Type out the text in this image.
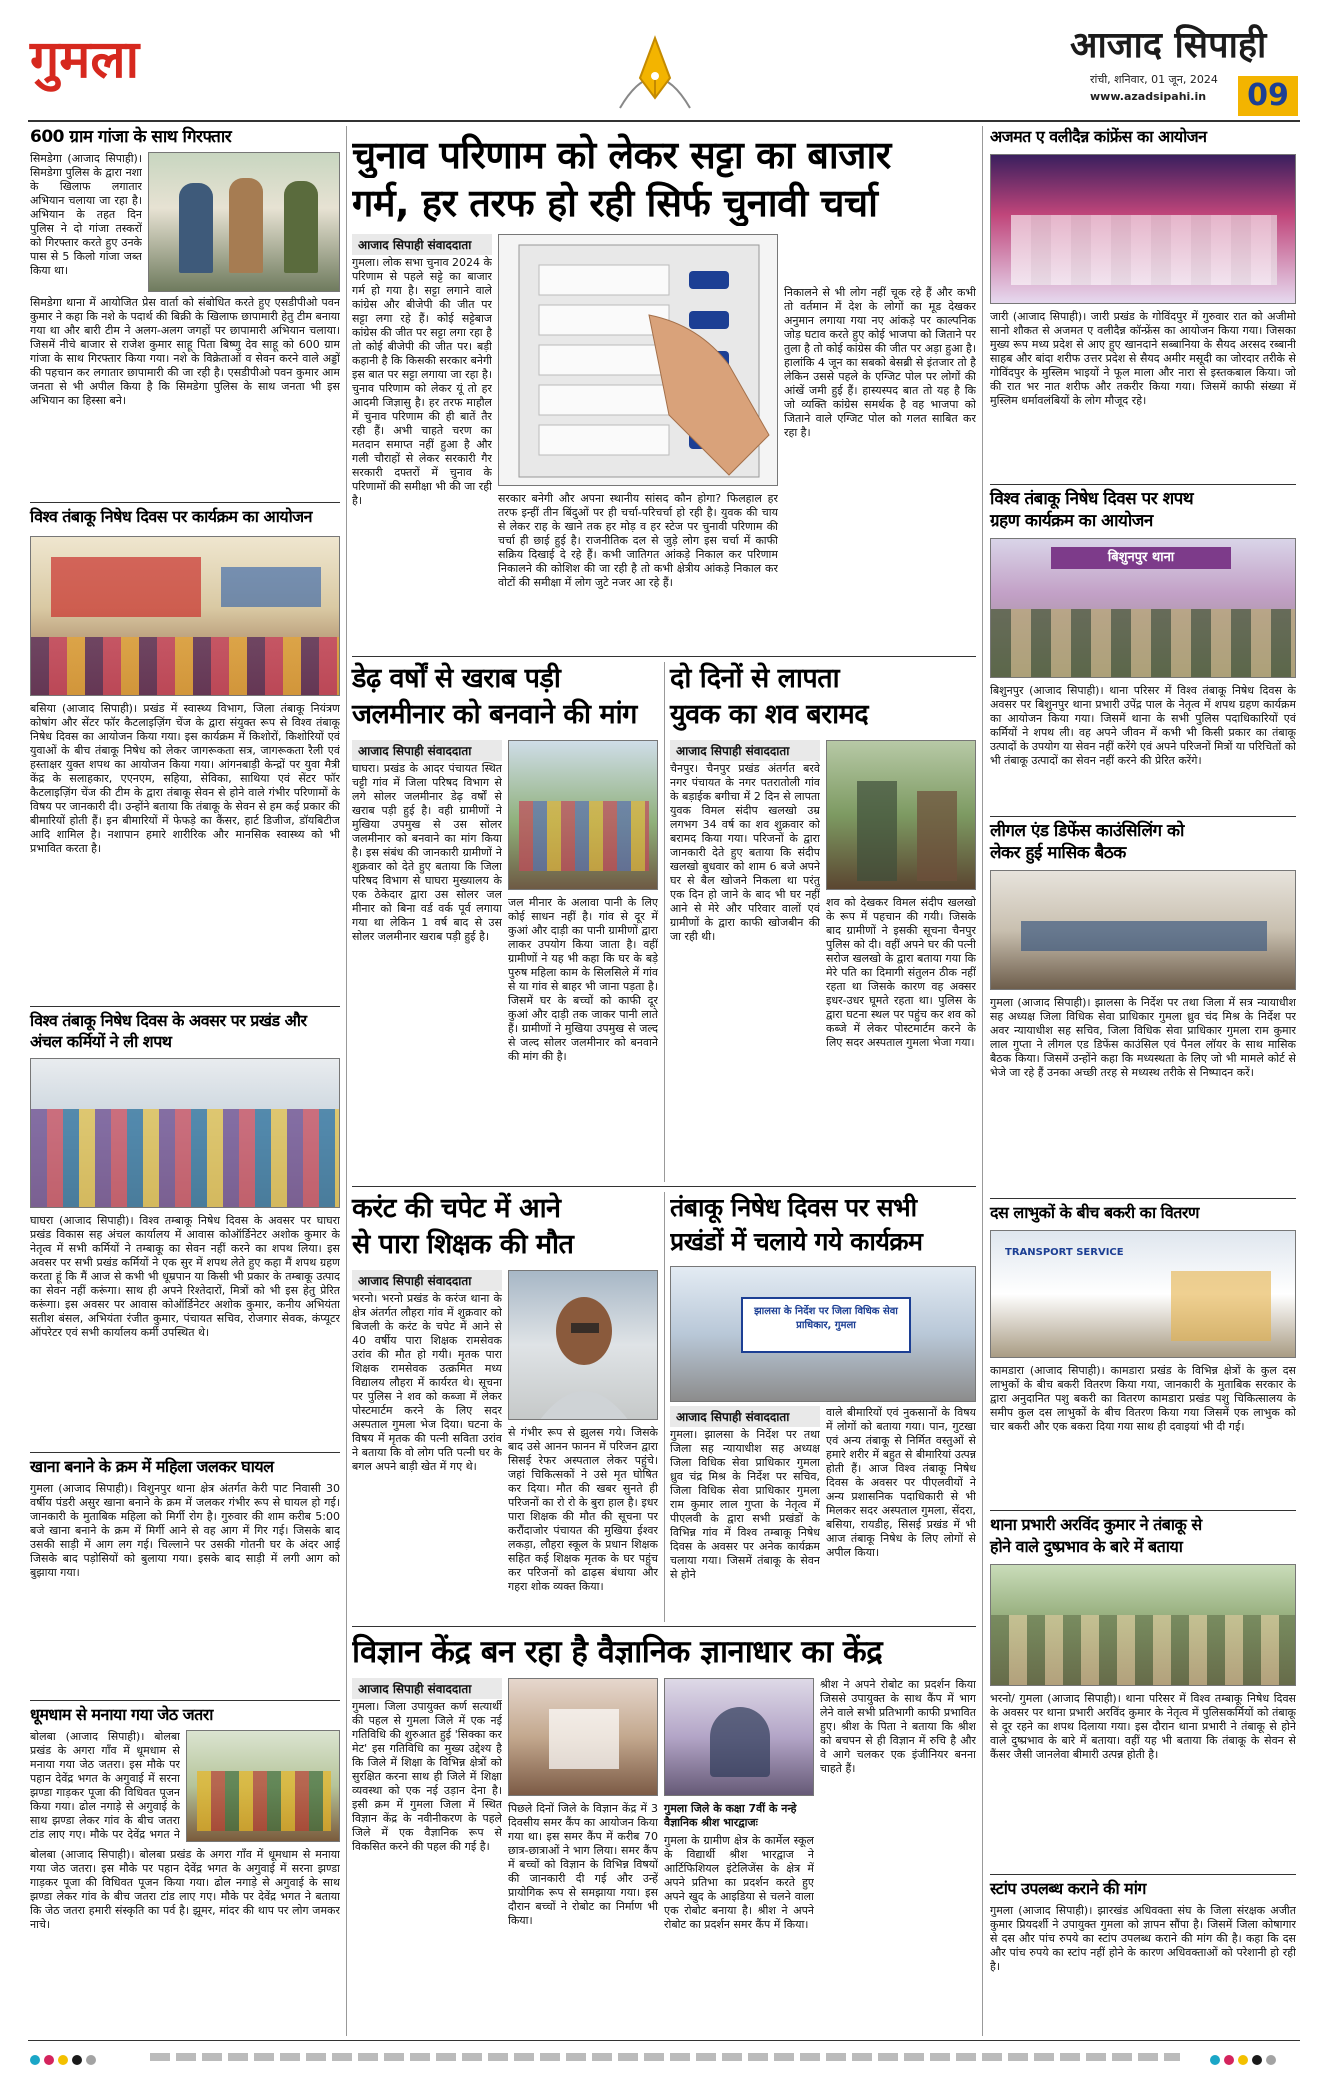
गुमला	आजाद सिपाही
रांची, शनिवार, 01 जून, 2024
www.azadsipahi.in	09
600 ग्राम गांजा के साथ गिरफ्तार
सिमडेगा (आजाद सिपाही)। सिमडेगा पुलिस के द्वारा नशा के खिलाफ लगातार अभियान चलाया जा रहा है। अभियान के तहत दिन पुलिस ने दो गांजा तस्करों को गिरफ्तार करते हुए उनके पास से 5 किलो गांजा जब्त किया था।
सिमडेगा थाना में आयोजित प्रेस वार्ता को संबोधित करते हुए एसडीपीओ पवन कुमार ने कहा कि नशे के पदार्थ की बिक्री के खिलाफ छापामारी हेतु टीम बनाया गया था और बारी टीम ने अलग-अलग जगहों पर छापामारी अभियान चलाया। जिसमें नीचे बाजार से राजेश कुमार साहू पिता बिष्णु देव साहू को 600 ग्राम गांजा के साथ गिरफ्तार किया गया। नशे के विक्रेताओं व सेवन करने वाले अड्डों की पहचान कर लगातार छापामारी की जा रही है। एसडीपीओ पवन कुमार आम जनता से भी अपील किया है कि सिमडेगा पुलिस के साथ जनता भी इस अभियान का हिस्सा बने।
विश्व तंबाकू निषेध दिवस पर कार्यक्रम का आयोजन
बसिया (आजाद सिपाही)। प्रखंड में स्वास्थ्य विभाग, जिला तंबाकू नियंत्रण कोषांग और सेंटर फॉर कैटलाइज़िंग चेंज के द्वारा संयुक्त रूप से विश्व तंबाकू निषेध दिवस का आयोजन किया गया। इस कार्यक्रम में किशोरों, किशोरियों एवं युवाओं के बीच तंबाकू निषेध को लेकर जागरूकता सत्र, जागरूकता रैली एवं हस्ताक्षर युक्त शपथ का आयोजन किया गया। आंगनबाड़ी केन्द्रों पर युवा मैत्री केंद्र के सलाहकार, एएनएम, सहिया, सेविका, साथिया एवं सेंटर फॉर कैटलाइज़िंग चेंज की टीम के द्वारा तंबाकू सेवन से होने वाले गंभीर परिणामों के विषय पर जानकारी दी। उन्होंने बताया कि तंबाकू के सेवन से हम कई प्रकार की बीमारियों होती हैं। इन बीमारियों में फेफड़े का कैंसर, हार्ट डिजीज, डॉयबिटीज आदि शामिल है। नशापान हमारे शारीरिक और मानसिक स्वास्थ्य को भी प्रभावित करता है।
विश्व तंबाकू निषेध दिवस के अवसर पर प्रखंड और अंचल कर्मियों ने ली शपथ
घाघरा (आजाद सिपाही)। विश्व तम्बाकू निषेध दिवस के अवसर पर घाघरा प्रखंड विकास सह अंचल कार्यालय में आवास कोऑर्डिनेटर अशोक कुमार के नेतृत्व में सभी कर्मियों ने तम्बाकू का सेवन नहीं करने का शपथ लिया। इस अवसर पर सभी प्रखंड कर्मियों ने एक सुर में शपथ लेते हुए कहा मैं शपथ ग्रहण करता हूं कि मैं आज से कभी भी धूम्रपान या किसी भी प्रकार के तम्बाकू उत्पाद का सेवन नहीं करूंगा। साथ ही अपने रिश्तेदारों, मित्रों को भी इस हेतु प्रेरित करूंगा। इस अवसर पर आवास कोऑर्डिनेटर अशोक कुमार, कनीय अभियंता सतीश बंसल, अभियंता रंजीत कुमार, पंचायत सचिव, रोजगार सेवक, कंप्यूटर ऑपरेटर एवं सभी कार्यालय कर्मी उपस्थित थे।
खाना बनाने के क्रम में महिला जलकर घायल
गुमला (आजाद सिपाही)। विशुनपुर थाना क्षेत्र अंतर्गत केरी पाट निवासी 30 वर्षीय पंडरी असुर खाना बनाने के क्रम में जलकर गंभीर रूप से घायल हो गई। जानकारी के मुताबिक महिला को मिर्गी रोग है। गुरुवार की शाम करीब 5:00 बजे खाना बनाने के क्रम में मिर्गी आने से वह आग में गिर गई। जिसके बाद उसकी साड़ी में आग लग गई। चिल्लाने पर उसकी गोतनी घर के अंदर आई जिसके बाद पड़ोसियों को बुलाया गया। इसके बाद साड़ी में लगी आग को बुझाया गया।
धूमधाम से मनाया गया जेठ जतरा
बोलबा (आजाद सिपाही)। बोलबा प्रखंड के अगरा गाँव में धूमधाम से मनाया गया जेठ जतरा। इस मौके पर पहान देवेंद्र भगत के अगुवाई में सरना झण्डा गाड़कर पूजा की विधिवत पूजन किया गया। ढोल नगाड़े से अगुवाई के साथ झण्डा लेकर गांव के बीच जतरा टांड लाए गए। मौके पर देवेंद्र भगत ने
बोलबा (आजाद सिपाही)। बोलबा प्रखंड के अगरा गाँव में धूमधाम से मनाया गया जेठ जतरा। इस मौके पर पहान देवेंद्र भगत के अगुवाई में सरना झण्डा गाड़कर पूजा की विधिवत पूजन किया गया। ढोल नगाड़े से अगुवाई के साथ झण्डा लेकर गांव के बीच जतरा टांड लाए गए। मौके पर देवेंद्र भगत ने बताया कि जेठ जतरा हमारी संस्कृति का पर्व है। झूमर, मांदर की थाप पर लोग जमकर नाचे।
अजमत ए वलीदैन्न कांफ्रेंस का आयोजन
जारी (आजाद सिपाही)। जारी प्रखंड के गोविंदपुर में गुरुवार रात को अजीमो सानो शौकत से अजमत ए वलीदैन्न कॉन्फ्रेंस का आयोजन किया गया। जिसका मुख्य रूप मध्य प्रदेश से आए हुए खानदाने सब्बानिया के सैयद अरसद रब्बानी साहब और बांदा शरीफ उत्तर प्रदेश से सैयद अमीर मसूदी का जोरदार तरीके से गोविंदपुर के मुस्लिम भाइयों ने फूल माला और नारा से इस्तकबाल किया। जो की रात भर नात शरीफ और तकरीर किया गया। जिसमें काफी संख्या में मुस्लिम धर्मावलंबियों के लोग मौजूद रहे।
विश्व तंबाकू निषेध दिवस पर शपथ
ग्रहण कार्यक्रम का आयोजन
बिशुनपुर थाना
बिशुनपुर (आजाद सिपाही)। थाना परिसर में विश्व तंबाकू निषेध दिवस के अवसर पर बिशुनपुर थाना प्रभारी उपेंद्र पाल के नेतृत्व में शपथ ग्रहण कार्यक्रम का आयोजन किया गया। जिसमें थाना के सभी पुलिस पदाधिकारियों एवं कर्मियों ने शपथ ली। वह अपने जीवन में कभी भी किसी प्रकार का तंबाकू उत्पादों के उपयोग या सेवन नहीं करेंगे एवं अपने परिजनों मित्रों या परिचितों को भी तंबाकू उत्पादों का सेवन नहीं करने की प्रेरित करेंगे।
लीगल एंड डिफेंस काउंसिलिंग को
लेकर हुई मासिक बैठक
गुमला (आजाद सिपाही)। झालसा के निर्देश पर तथा जिला में सत्र न्यायाधीश सह अध्यक्ष जिला विधिक सेवा प्राधिकार गुमला ध्रुव चंद मिश्र के निर्देश पर अवर न्यायाधीश सह सचिव, जिला विधिक सेवा प्राधिकार गुमला राम कुमार लाल गुप्ता ने लीगल एड डिफेंस काउंसिल एवं पैनल लॉयर के साथ मासिक बैठक किया। जिसमें उन्होंने कहा कि मध्यस्थता के लिए जो भी मामले कोर्ट से भेजे जा रहे हैं उनका अच्छी तरह से मध्यस्थ तरीके से निष्पादन करें।
दस लाभुकों के बीच बकरी का वितरण
TRANSPORT SERVICE
कामडारा (आजाद सिपाही)। कामडारा प्रखंड के विभिन्न क्षेत्रों के कुल दस लाभुकों के बीच बकरी वितरण किया गया, जानकारी के मुताबिक सरकार के द्वारा अनुदानित पशु बकरी का वितरण कामडारा प्रखंड पशु चिकित्सालय के समीप कुल दस लाभुकों के बीच वितरण किया गया जिसमें एक लाभुक को चार बकरी और एक बकरा दिया गया साथ ही दवाइयां भी दी गई।
थाना प्रभारी अरविंद कुमार ने तंबाकू से
होने वाले दुष्प्रभाव के बारे में बताया
भरनो/ गुमला (आजाद सिपाही)। थाना परिसर में विश्व तम्बाकू निषेध दिवस के अवसर पर थाना प्रभारी अरविंद कुमार के नेतृत्व में पुलिसकर्मियों को तंबाकू से दूर रहने का शपथ दिलाया गया। इस दौरान थाना प्रभारी ने तंबाकू से होने वाले दुष्प्रभाव के बारे में बताया। वहीं यह भी बताया कि तंबाकू के सेवन से कैंसर जैसी जानलेवा बीमारी उत्पन्न होती है।
स्टांप उपलब्ध कराने की मांग
गुमला (आजाद सिपाही)। झारखंड अधिवक्ता संघ के जिला संरक्षक अजीत कुमार प्रियदर्शी ने उपायुक्त गुमला को ज्ञापन सौंपा है। जिसमें जिला कोषागार से दस और पांच रुपये का स्टांप उपलब्ध कराने की मांग की है। कहा कि दस और पांच रुपये का स्टांप नहीं होने के कारण अधिवक्ताओं को परेशानी हो रही है।
चुनाव परिणाम को लेकर सट्टा का बाजार
गर्म, हर तरफ हो रही सिर्फ चुनावी चर्चा
आजाद सिपाही संवाददाता
गुमला। लोक सभा चुनाव 2024 के परिणाम से पहले सट्टे का बाजार गर्म हो गया है। सट्टा लगाने वाले कांग्रेस और बीजेपी की जीत पर सट्टा लगा रहे हैं। कोई सट्टेबाज कांग्रेस की जीत पर सट्टा लगा रहा है तो कोई बीजेपी की जीत पर। बड़ी कहानी है कि किसकी सरकार बनेगी इस बात पर सट्टा लगाया जा रहा है। चुनाव परिणाम को लेकर यूं तो हर आदमी जिज्ञासु है। हर तरफ माहौल में चुनाव परिणाम की ही बातें तैर रही हैं। अभी चाहते चरण का मतदान समाप्त नहीं हुआ है और गली चौराहों से लेकर सरकारी गैर सरकारी दफ्तरों में चुनाव के परिणामों की समीक्षा भी की जा रही है।	सरकार बनेगी और अपना स्थानीय सांसद कौन होगा? फिलहाल हर तरफ इन्हीं तीन बिंदुओं पर ही चर्चा-परिचर्चा हो रही है। युवक की चाय से लेकर राह के खाने तक हर मोड़ व हर स्टेज पर चुनावी परिणाम की चर्चा ही छाई हुई है। राजनीतिक दल से जुड़े लोग इस चर्चा में काफी सक्रिय दिखाई दे रहे हैं। कभी जातिगत आंकड़े निकाल कर परिणाम निकालने की कोशिश की जा रही है तो कभी क्षेत्रीय आंकड़े निकाल कर वोटों की समीक्षा में लोग जुटे नजर आ रहे हैं।
निकालने से भी लोग नहीं चूक रहे हैं और कभी तो वर्तमान में देश के लोगों का मूड देखकर अनुमान लगाया गया नए आंकड़े पर काल्पनिक जोड़ घटाव करते हुए कोई भाजपा को जिताने पर तुला है तो कोई कांग्रेस की जीत पर अड़ा हुआ है। हालांकि 4 जून का सबको बेसब्री से इंतजार तो है लेकिन उससे पहले के एग्जिट पोल पर लोगों की आंखें जमी हुई हैं। हास्यस्पद बात तो यह है कि जो व्यक्ति कांग्रेस समर्थक है वह भाजपा को जिताने वाले एग्जिट पोल को गलत साबित कर रहा है।
डेढ़ वर्षों से खराब पड़ी
जलमीनार को बनवाने की मांग
आजाद सिपाही संवाददाता
घाघरा। प्रखंड के आदर पंचायत स्थित चट्टी गांव में जिला परिषद विभाग से लगे सोलर जलमीनार डेढ़ वर्षों से खराब पड़ी हुई है। वही ग्रामीणों ने मुखिया उपमुख से उस सोलर जलमीनार को बनवाने का मांग किया है। इस संबंध की जानकारी ग्रामीणों ने शुक्रवार को देते हुए बताया कि जिला परिषद विभाग से घाघरा मुख्यालय के एक ठेकेदार द्वारा उस सोलर जल मीनार को बिना वर्ड वर्क पूर्व लगाया गया था लेकिन 1 वर्ष बाद से उस सोलर जलमीनार खराब पड़ी हुई है।
जल मीनार के अलावा पानी के लिए कोई साधन नहीं है। गांव से दूर में कुआं और दाड़ी का पानी ग्रामीणों द्वारा लाकर उपयोग किया जाता है। वहीं ग्रामीणों ने यह भी कहा कि घर के बड़े पुरुष महिला काम के सिलसिले में गांव से या गांव से बाहर भी जाना पड़ता है। जिसमें घर के बच्चों को काफी दूर कुआं और दाड़ी तक जाकर पानी लाते हैं। ग्रामीणों ने मुखिया उपमुख से जल्द से जल्द सोलर जलमीनार को बनवाने की मांग की है।
दो दिनों से लापता
युवक का शव बरामद
आजाद सिपाही संवाददाता
चैनपुर। चैनपुर प्रखंड अंतर्गत बरवे नगर पंचायत के नगर पतरातोली गांव के बड़ाईक बगीचा में 2 दिन से लापता युवक विमल संदीप खलखो उम्र लगभग 34 वर्ष का शव शुक्रवार को बरामद किया गया। परिजनों के द्वारा जानकारी देते हुए बताया कि संदीप खलखो बुधवार को शाम 6 बजे अपने घर से बैल खोजने निकला था परंतु एक दिन हो जाने के बाद भी घर नहीं आने से मेरे और परिवार वालों एवं ग्रामीणों के द्वारा काफी खोजबीन की जा रही थी।
शव को देखकर विमल संदीप खलखो के रूप में पहचान की गयी। जिसके बाद ग्रामीणों ने इसकी सूचना चैनपुर पुलिस को दी। वहीं अपने घर की पत्नी सरोज खलखो के द्वारा बताया गया कि मेरे पति का दिमागी संतुलन ठीक नहीं रहता था जिसके कारण वह अक्सर इधर-उधर घूमते रहता था। पुलिस के द्वारा घटना स्थल पर पहुंच कर शव को कब्जे में लेकर पोस्टमार्टम करने के लिए सदर अस्पताल गुमला भेजा गया।
करंट की चपेट में आने
से पारा शिक्षक की मौत
आजाद सिपाही संवाददाता
भरनो। भरनो प्रखंड के करंज थाना के क्षेत्र अंतर्गत लौहरा गांव में शुक्रवार को बिजली के करंट के चपेट में आने से 40 वर्षीय पारा शिक्षक रामसेवक उरांव की मौत हो गयी। मृतक पारा शिक्षक रामसेवक उत्क्रमित मध्य विद्यालय लौहरा में कार्यरत थे। सूचना पर पुलिस ने शव को कब्जा में लेकर पोस्टमार्टम करने के लिए सदर अस्पताल गुमला भेज दिया। घटना के विषय में मृतक की पत्नी सविता उरांव ने बताया कि वो लोग पति पत्नी घर के बगल अपने बाड़ी खेत में गए थे।
से गंभीर रूप से झुलस गये। जिसके बाद उसे आनन फानन में परिजन द्वारा सिसई रेफर अस्पताल लेकर पहुंचे। जहां चिकित्सकों ने उसे मृत घोषित कर दिया। मौत की खबर सुनते ही परिजनों का रो रो के बुरा हाल है। इधर पारा शिक्षक की मौत की सूचना पर करौंदाजोर पंचायत की मुखिया ईश्वर लकड़ा, लौहरा स्कूल के प्रधान शिक्षक सहित कई शिक्षक मृतक के घर पहुंच कर परिजनों को ढाढ़स बंधाया और गहरा शोक व्यक्त किया।
तंबाकू निषेध दिवस पर सभी
प्रखंडों में चलाये गये कार्यक्रम
झालसा के निर्देश पर जिला विधिक सेवा प्राधिकार, गुमला
आजाद सिपाही संवाददाता
गुमला। झालसा के निर्देश पर तथा जिला सह न्यायाधीश सह अध्यक्ष जिला विधिक सेवा प्राधिकार गुमला ध्रुव चंद्र मिश्र के निर्देश पर सचिव, जिला विधिक सेवा प्राधिकार गुमला राम कुमार लाल गुप्ता के नेतृत्व में पीएलवी के द्वारा सभी प्रखंडों के विभिन्न गांव में विश्व तम्बाकू निषेध दिवस के अवसर पर अनेक कार्यक्रम चलाया गया। जिसमें तंबाकू के सेवन से होने
वाले बीमारियों एवं नुकसानों के विषय में लोगों को बताया गया। पान, गुटखा एवं अन्य तंबाकू से निर्मित वस्तुओं से हमारे शरीर में बहुत से बीमारियां उत्पन्न होती हैं। आज विश्व तंबाकू निषेध दिवस के अवसर पर पीएलवीयों ने अन्य प्रशासनिक पदाधिकारी से भी मिलकर सदर अस्पताल गुमला, सेंदरा, बसिया, रायडीह, सिसई प्रखंड में भी आज तंबाकू निषेध के लिए लोगों से अपील किया।
विज्ञान केंद्र बन रहा है वैज्ञानिक ज्ञानाधार का केंद्र
आजाद सिपाही संवाददाता
गुमला। जिला उपायुक्त कर्ण सत्यार्थी की पहल से गुमला जिले में एक नई गतिविधि की शुरुआत हुई 'सिक्का कर मेट' इस गतिविधि का मुख्य उद्देश्य है कि जिले में शिक्षा के विभिन्न क्षेत्रों को सुरक्षित करना साथ ही जिले में शिक्षा व्यवस्था को एक नई उड़ान देना है। इसी क्रम में गुमला जिला में स्थित विज्ञान केंद्र के नवीनीकरण के पहले जिले में एक वैज्ञानिक रूप से विकसित करने की पहल की गई है।
पिछले दिनों जिले के विज्ञान केंद्र में 3 दिवसीय समर कैंप का आयोजन किया गया था। इस समर कैंप में करीब 70 छात्र-छात्राओं ने भाग लिया। समर कैंप में बच्चों को विज्ञान के विभिन्न विषयों की जानकारी दी गई और उन्हें प्रायोगिक रूप से समझाया गया। इस दौरान बच्चों ने रोबोट का निर्माण भी किया।
गुमला जिले के कक्षा 7वीं के नन्हे वैज्ञानिक श्रीश भारद्वाजः
गुमला के ग्रामीण क्षेत्र के कार्मेल स्कूल के विद्यार्थी श्रीश भारद्वाज ने आर्टिफिशियल इंटेलिजेंस के क्षेत्र में अपने प्रतिभा का प्रदर्शन करते हुए अपने खुद के आइडिया से चलने वाला एक रोबोट बनाया है। श्रीश ने अपने रोबोट का प्रदर्शन समर कैंप में किया।
श्रीश ने अपने रोबोट का प्रदर्शन किया जिससे उपायुक्त के साथ कैंप में भाग लेने वाले सभी प्रतिभागी काफी प्रभावित हुए। श्रीश के पिता ने बताया कि श्रीश को बचपन से ही विज्ञान में रुचि है और वे आगे चलकर एक इंजीनियर बनना चाहते हैं।
